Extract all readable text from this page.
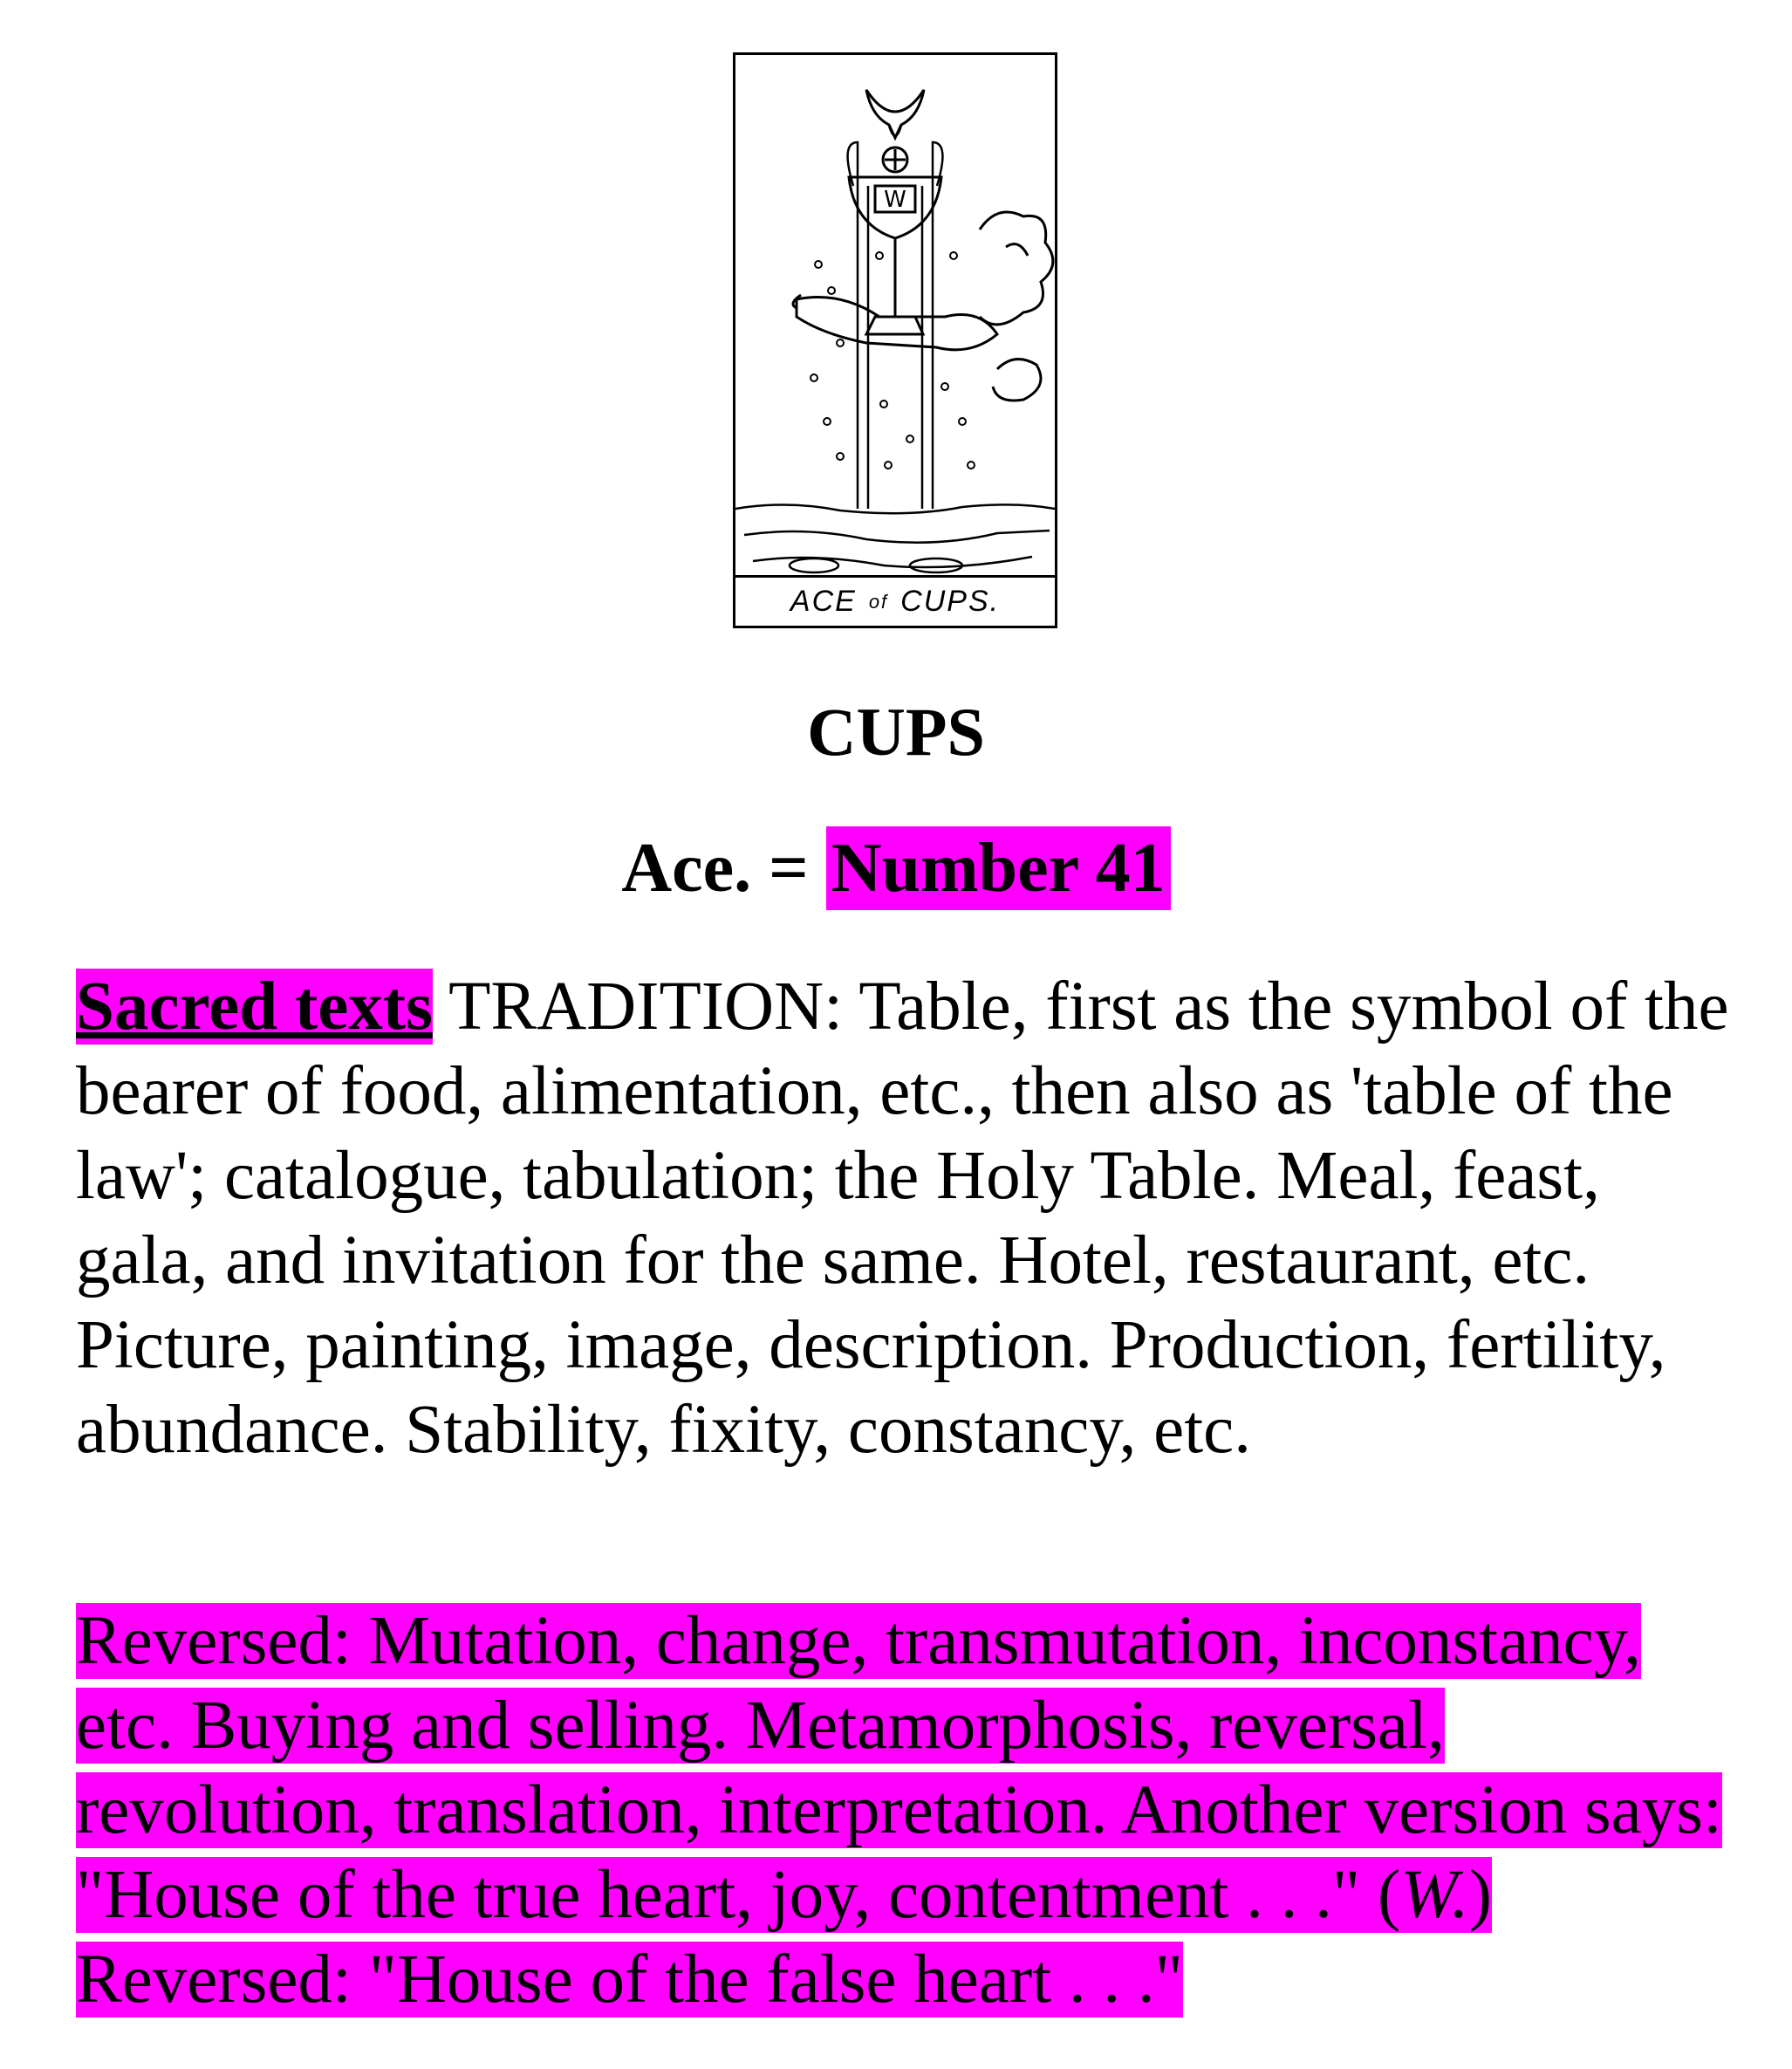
W
ACE of CUPS.
CUPS
Ace. = Number 41
Sacred texts TRADITION: Table, first as the symbol of the bearer of food, alimentation, etc., then also as 'table of the law'; catalogue, tabulation; the Holy Table. Meal, feast, gala, and invitation for the same. Hotel, restaurant, etc. Picture, painting, image, description. Production, fertility, abundance. Stability, fixity, constancy, etc.
Reversed: Mutation, change, transmutation, inconstancy, etc. Buying and selling. Metamorphosis, reversal, revolution, translation, interpretation. Another version says: "House of the true heart, joy, contentment . . ." (W.) Reversed: "House of the false heart . . ."
